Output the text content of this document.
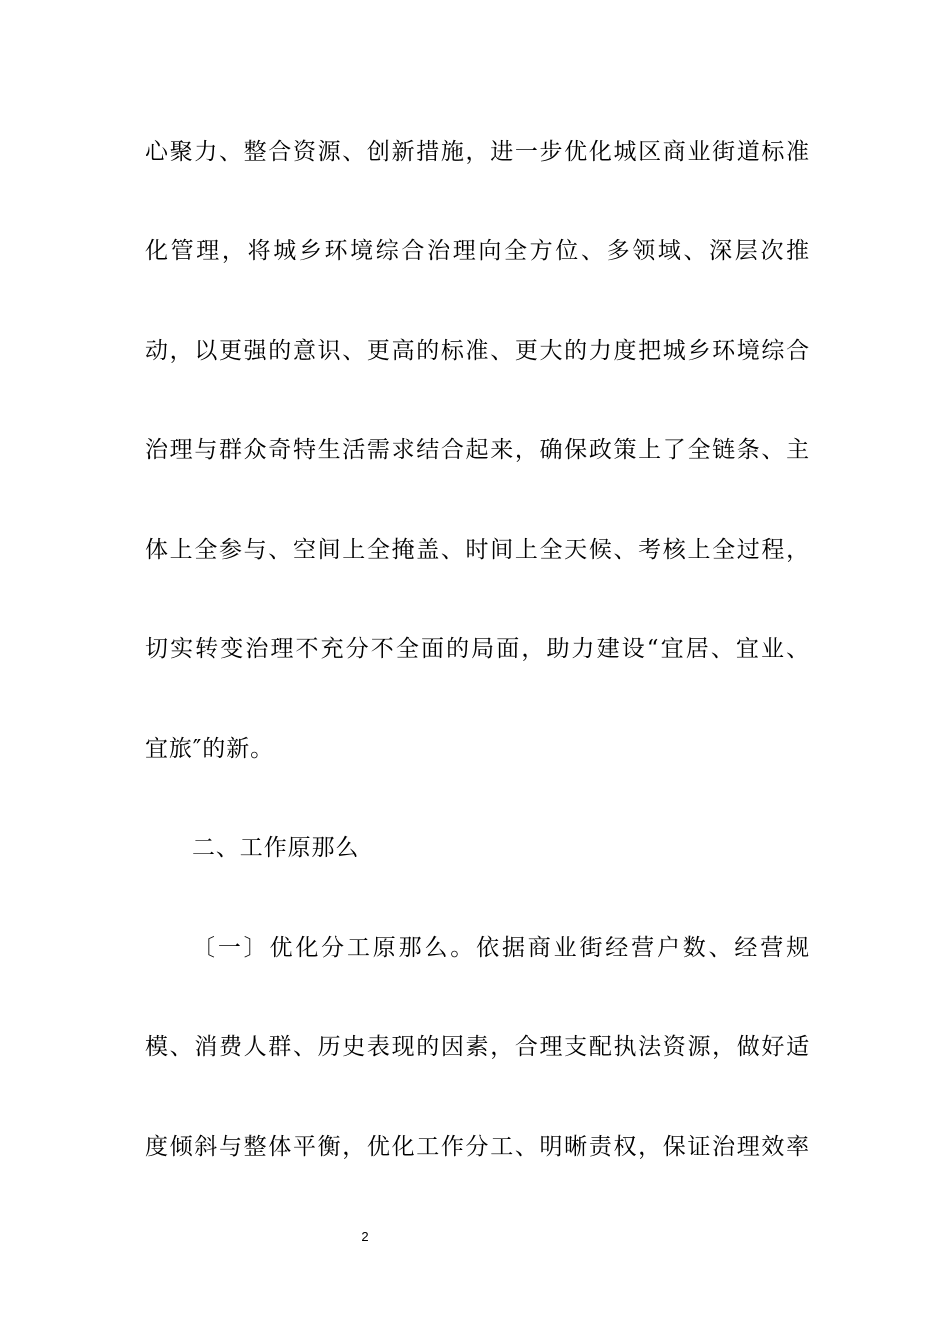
心聚力、整合资源、创新措施，进一步优化城区商业街道标准
化管理，将城乡环境综合治理向全方位、多领域、深层次推
动，以更强的意识、更高的标准、更大的力度把城乡环境综合
治理与群众奇特生活需求结合起来，确保政策上了全链条、主
体上全参与、空间上全掩盖、时间上全天候、考核上全过程，
切实转变治理不充分不全面的局面，助力建设“宜居、宜业、
宜旅″的新。
二、工作原那么
〔一〕优化分工原那么。依据商业街经营户数、经营规
模、消费人群、历史表现的因素，合理支配执法资源，做好适
度倾斜与整体平衡，优化工作分工、明晰责权，保证治理效率
2
